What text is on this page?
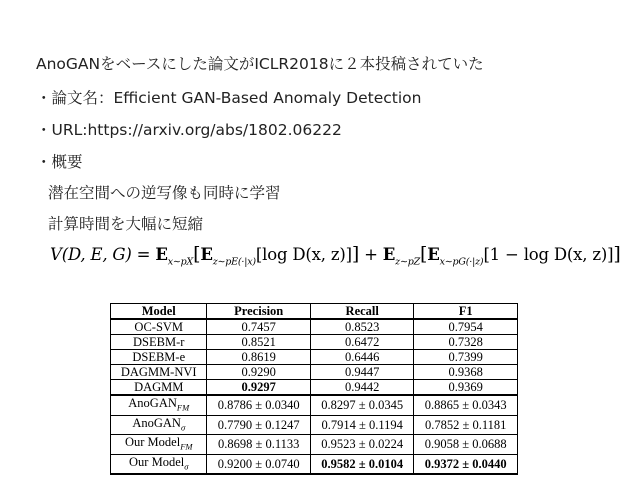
AnoGANをベースにした論文がICLR2018に２本投稿されていた
・論文名：Efficient GAN-Based Anomaly Detection
・URL:https://arxiv.org/abs/1802.06222
・概要
潜在空間への逆写像も同時に学習
計算時間を大幅に短縮
V(D, E, $G) = E_{x\sim pX}[E_{z\sim pE(\cdot|x)}[\log$ D(x, $z)]] + E_{z\sim pZ}[E_{x\sim pG(\cdot|z)}[1 - \log D(x$, z)]]
Model	Precision	Recall	F1
OC-SVM	0.7457	0.8523	0.7954
DSEBM-r	0.8521	0.6472	0.7328
DSEBM-e	0.8619	0.6446	0.7399
DAGMM-NVI	0.9290	0.9447	0.9368
DAGMM	0.9297	0.9442	0.9369
AnoGAN$_{FM}$	0.8786 ± 0.0340	0.8297 ± 0.0345	0.8865 ± 0.0343
AnoGAN$_\sigma$	0.7790 ± 0.1247	0.7914 ± 0.1194	0.7852 ± 0.1181
Our Model$_{FM}$	0.8698 ± 0.1133	0.9523 ± 0.0224	0.9058 ± 0.0688
Our Model$_\sigma$	0.9200 ± 0.0740	0.9582 ± 0.0104	0.9372 ± 0.0440
